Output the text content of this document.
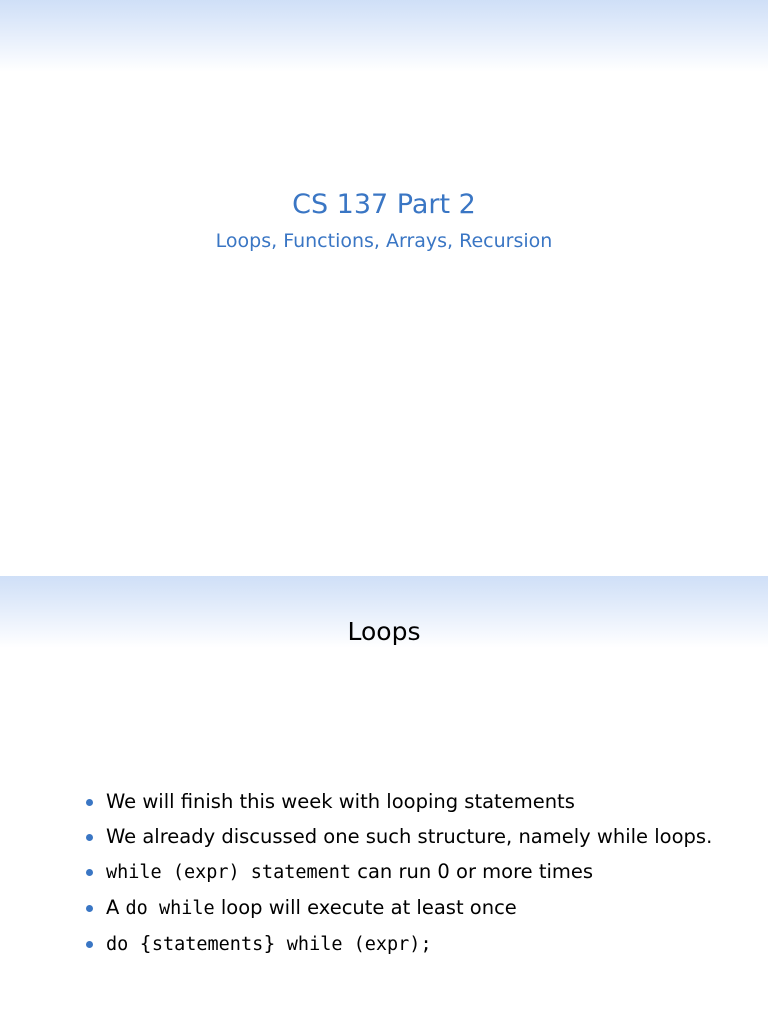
CS 137 Part 2
Loops, Functions, Arrays, Recursion
Loops
We will finish this week with looping statements
We already discussed one such structure, namely while loops.
while (expr) statement can run 0 or more times
A do while loop will execute at least once
do {statements} while (expr);
